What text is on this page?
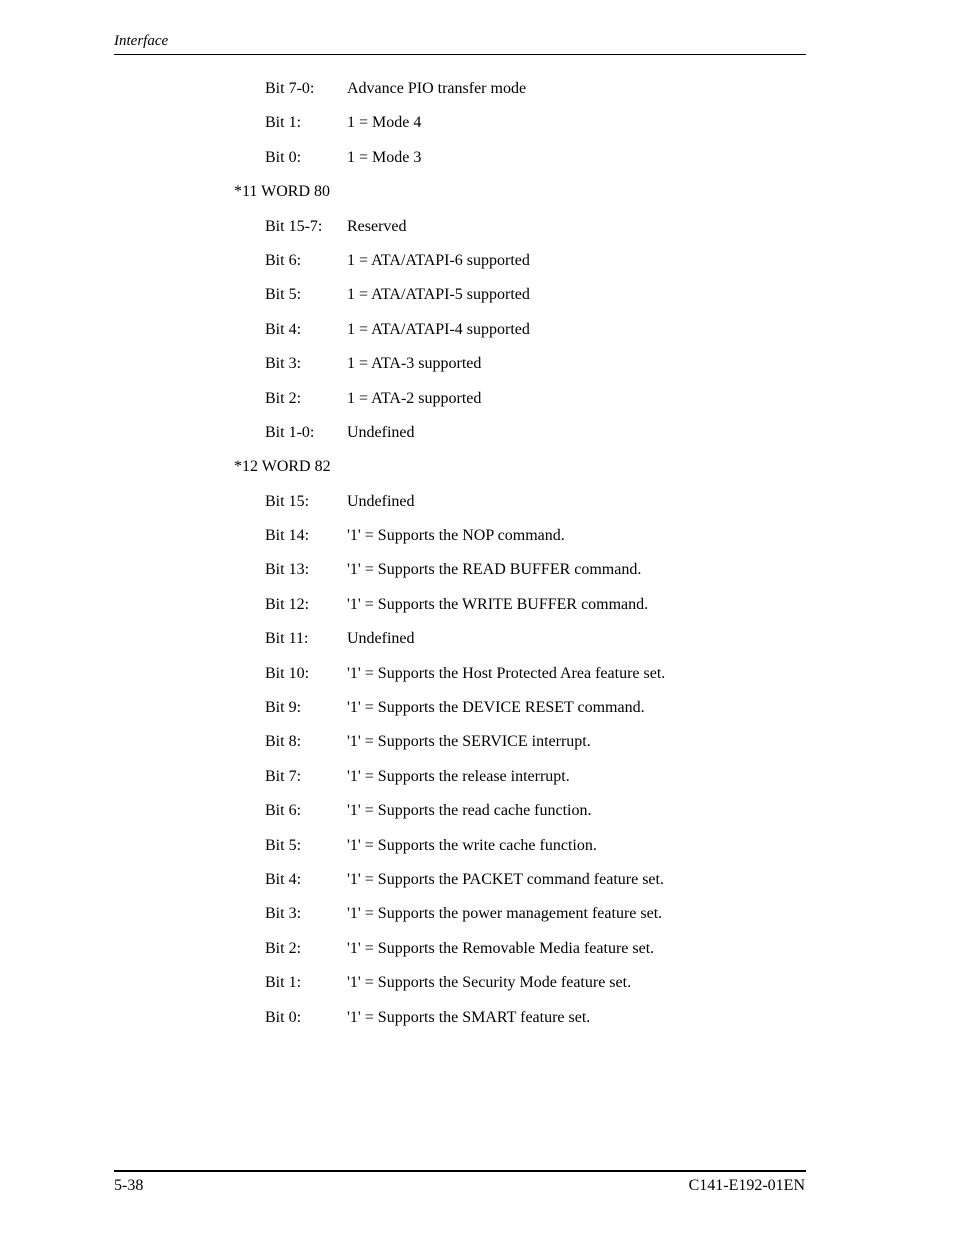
Interface
Bit 7-0: Advance PIO transfer mode
Bit 1:	1 = Mode 4
Bit 0:	1 = Mode 3
*11 WORD 80
Bit 15-7: Reserved
Bit 6:	1 = ATA/ATAPI-6 supported
Bit 5:	1 = ATA/ATAPI-5 supported
Bit 4:	1 = ATA/ATAPI-4 supported
Bit 3:	1 = ATA-3 supported
Bit 2:	1 = ATA-2 supported
Bit 1-0: Undefined
*12 WORD 82
Bit 15: Undefined
Bit 14: '1' = Supports the NOP command.
Bit 13: '1' = Supports the READ BUFFER command.
Bit 12: '1' = Supports the WRITE BUFFER command.
Bit 11: Undefined
Bit 10: '1' = Supports the Host Protected Area feature set.
Bit 9:	'1' = Supports the DEVICE RESET command.
Bit 8:	'1' = Supports the SERVICE interrupt.
Bit 7:	'1' = Supports the release interrupt.
Bit 6:	'1' = Supports the read cache function.
Bit 5:	'1' = Supports the write cache function.
Bit 4:	'1' = Supports the PACKET command feature set.
Bit 3:	'1' = Supports the power management feature set.
Bit 2:	'1' = Supports the Removable Media feature set.
Bit 1:	'1' = Supports the Security Mode feature set.
Bit 0:	'1' = Supports the SMART feature set.
5-38	C141-E192-01EN
